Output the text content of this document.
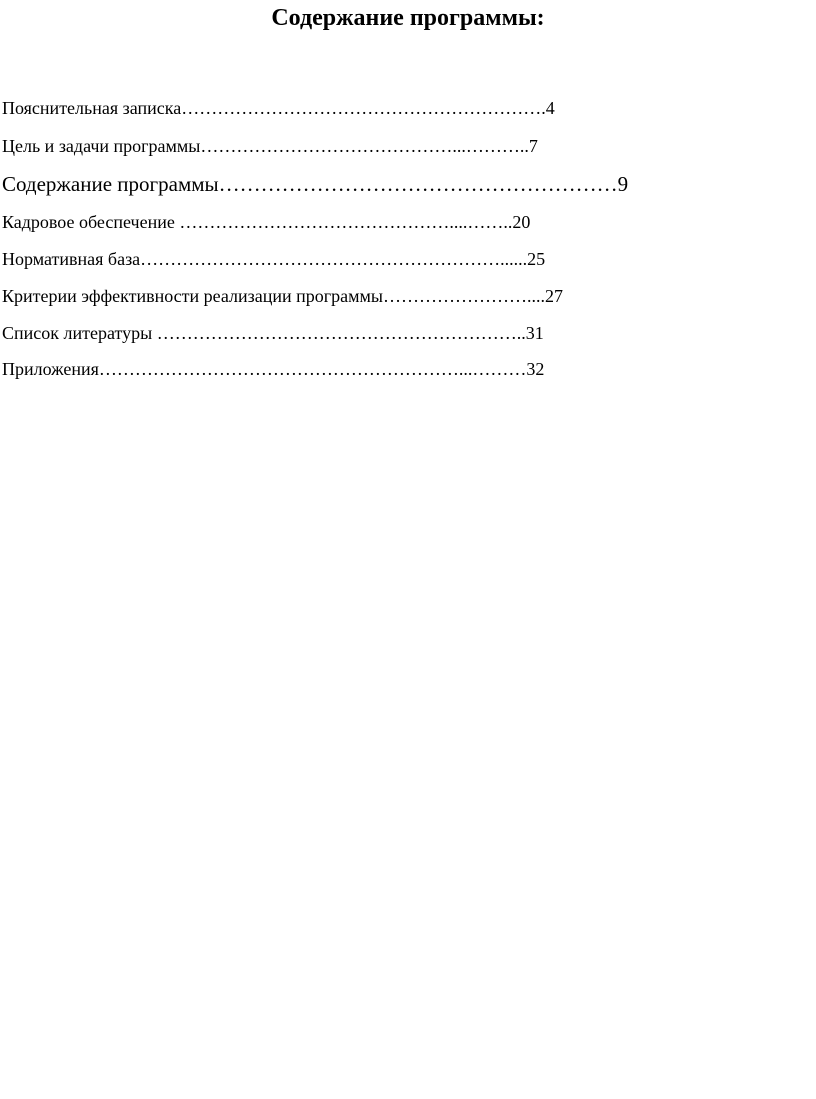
Содержание программы:
Пояснительная записка…………………………………………………….4
Цель и задачи программы……………………………………...………..7
Содержание программы…………………………………………………9
Кадровое обеспечение ………………………………………....……..20
Нормативная база……………………………………………………......25
Критерии эффективности реализации программы……………………....27
Список литературы ……………………………………………………..31
Приложения……………………………………………………...………32
